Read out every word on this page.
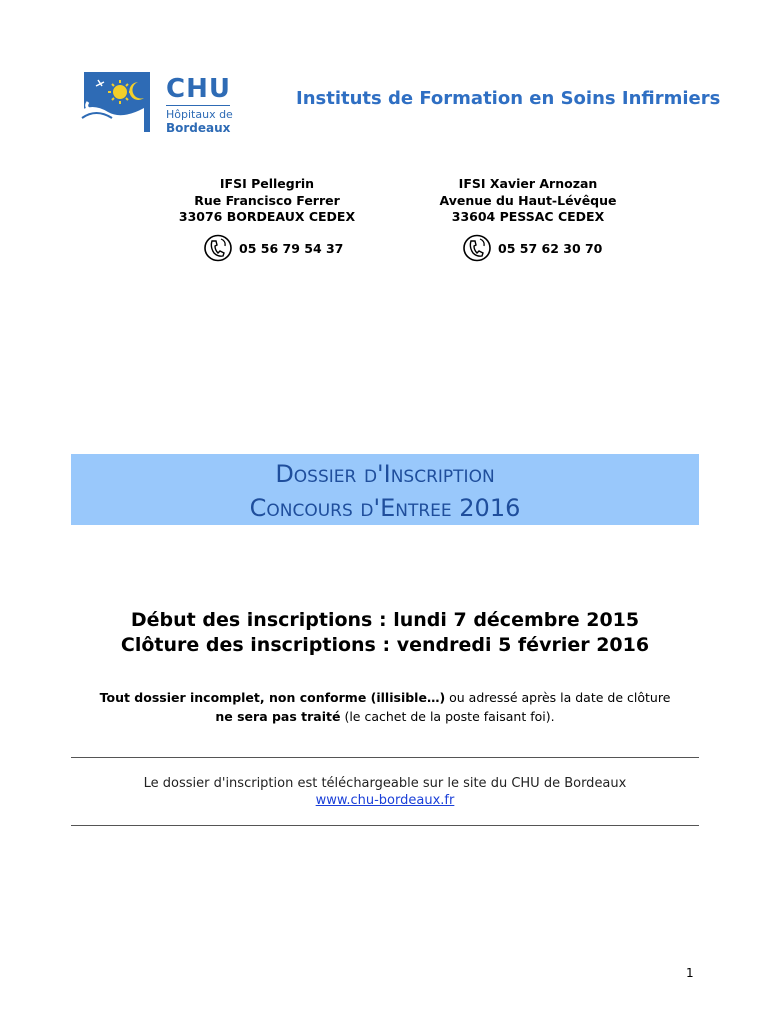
CHU
Hôpitaux de
Bordeaux
Instituts de Formation en Soins Infirmiers
IFSI Pellegrin
Rue Francisco Ferrer
33076 BORDEAUX CEDEX
05 56 79 54 37
IFSI Xavier Arnozan
Avenue du Haut-Lévêque
33604 PESSAC CEDEX
05 57 62 30 70
Dossier d'Inscription
Concours d'Entree 2016
Début des inscriptions : lundi 7 décembre 2015
Clôture des inscriptions : vendredi 5 février 2016
Tout dossier incomplet, non conforme (illisible…) ou adressé après la date de clôture
ne sera pas traité (le cachet de la poste faisant foi).
Le dossier d'inscription est téléchargeable sur le site du CHU de Bordeaux
www.chu-bordeaux.fr
1
